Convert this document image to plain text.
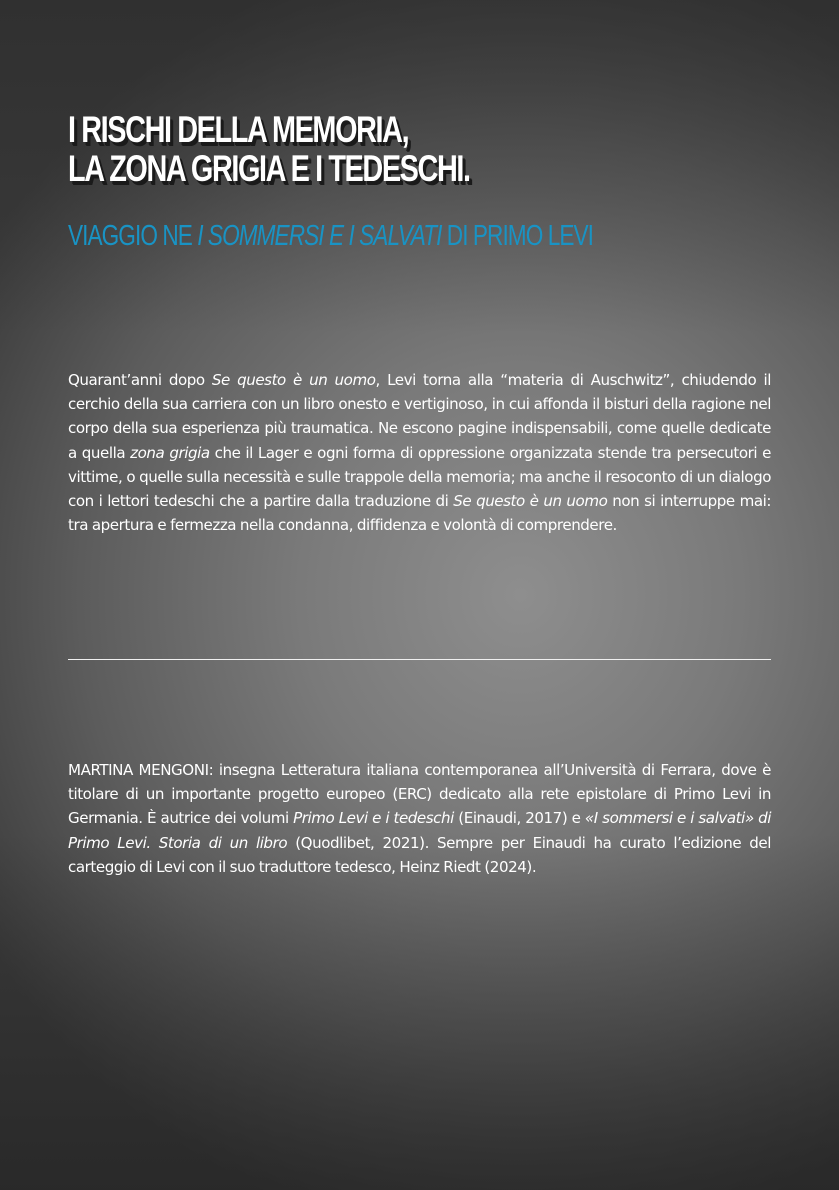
I RISCHI DELLA MEMORIA,
LA ZONA GRIGIA E I TEDESCHI.
VIAGGIO NE I SOMMERSI E I SALVATI DI PRIMO LEVI

Quarant’anni dopo Se questo è un uomo, Levi torna alla “materia di Auschwitz”, chiudendo il cerchio della sua carriera con un libro onesto e vertiginoso, in cui affonda il bisturi della ragione nel corpo della sua esperienza più traumatica. Ne escono pagine indispensabili, come quelle dedicate a quella zona grigia che il Lager e ogni forma di oppressione organizzata stende tra persecutori e vittime, o quelle sulla necessità e sulle trappole della memoria; ma anche il resoconto di un dialogo con i lettori tedeschi che a partire dalla traduzione di Se questo è un uomo non si interruppe mai: tra apertura e fermezza nella condanna, diffidenza e volontà di comprendere.

MARTINA MENGONI: insegna Letteratura italiana contemporanea all’Università di Ferrara, dove è titolare di un importante progetto europeo (ERC) dedicato alla rete epistolare di Primo Levi in Germania. È autrice dei volumi Primo Levi e i tedeschi (Einaudi, 2017) e «I sommersi e i salvati» di Primo Levi. Storia di un libro (Quodlibet, 2021). Sempre per Einaudi ha curato l’edizione del carteggio di Levi con il suo traduttore tedesco, Heinz Riedt (2024).
